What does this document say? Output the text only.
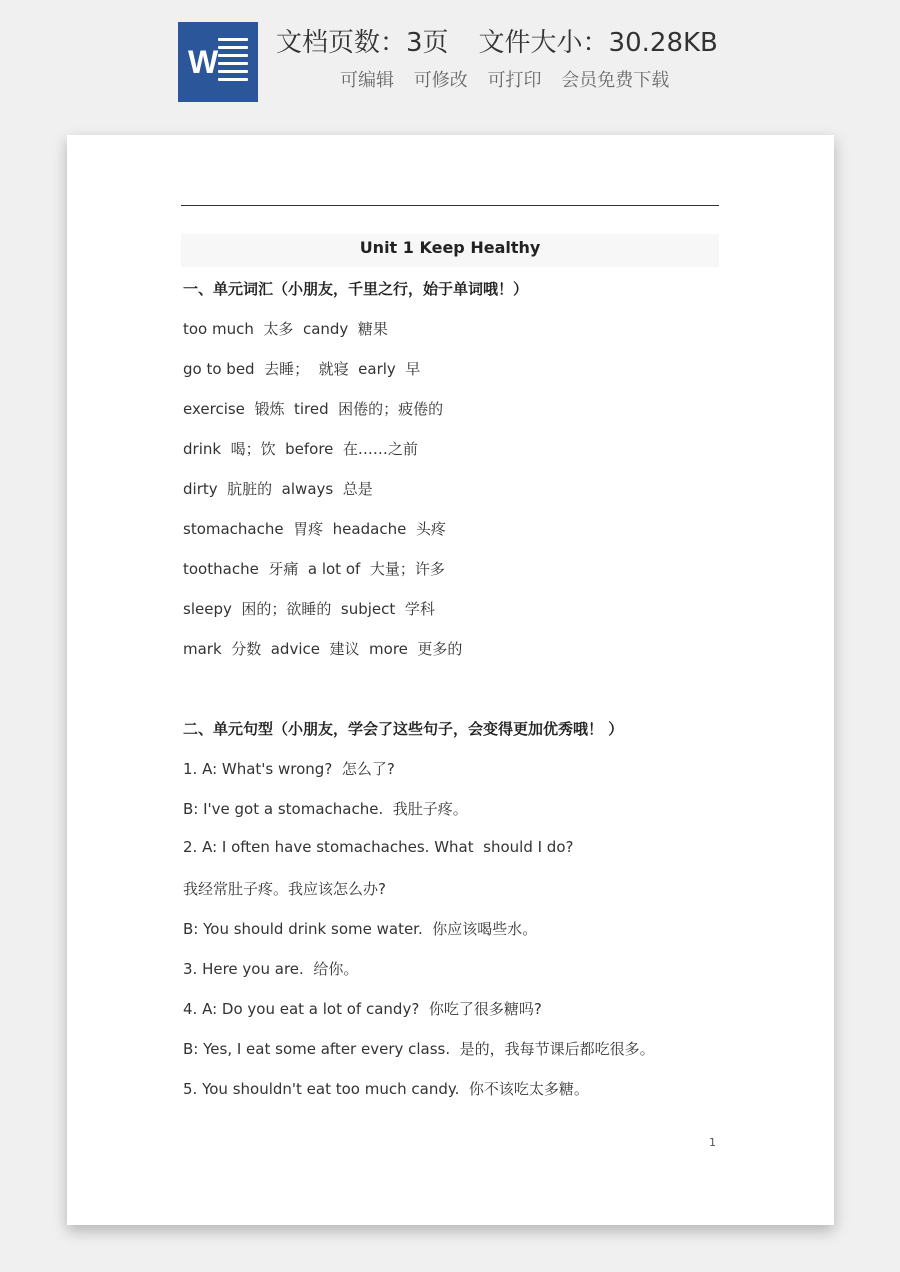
W
文档页数：3页 文件大小：30.28KB
可编辑 可修改 可打印 会员免费下载
Unit 1 Keep Healthy
一、单元词汇（小朋友，千里之行，始于单词哦！）
too much  太多  candy  糖果
go to bed  去睡；  就寝  early  早
exercise  锻炼  tired  困倦的；疲倦的
drink  喝；饮  before  在……之前
dirty  肮脏的  always  总是
stomachache  胃疼  headache  头疼
toothache  牙痛  a lot of  大量；许多
sleepy  困的；欲睡的  subject  学科
mark  分数  advice  建议  more  更多的
二、单元句型（小朋友，学会了这些句子，会变得更加优秀哦！ ）
1. A: What's wrong?  怎么了?
B: I've got a stomachache.  我肚子疼。
2. A: I often have stomachaches. What  should I do?
我经常肚子疼。我应该怎么办?
B: You should drink some water.  你应该喝些水。
3. Here you are.  给你。
4. A: Do you eat a lot of candy?  你吃了很多糖吗?
B: Yes, I eat some after every class.  是的，我每节课后都吃很多。
5. You shouldn't eat too much candy.  你不该吃太多糖。
1
